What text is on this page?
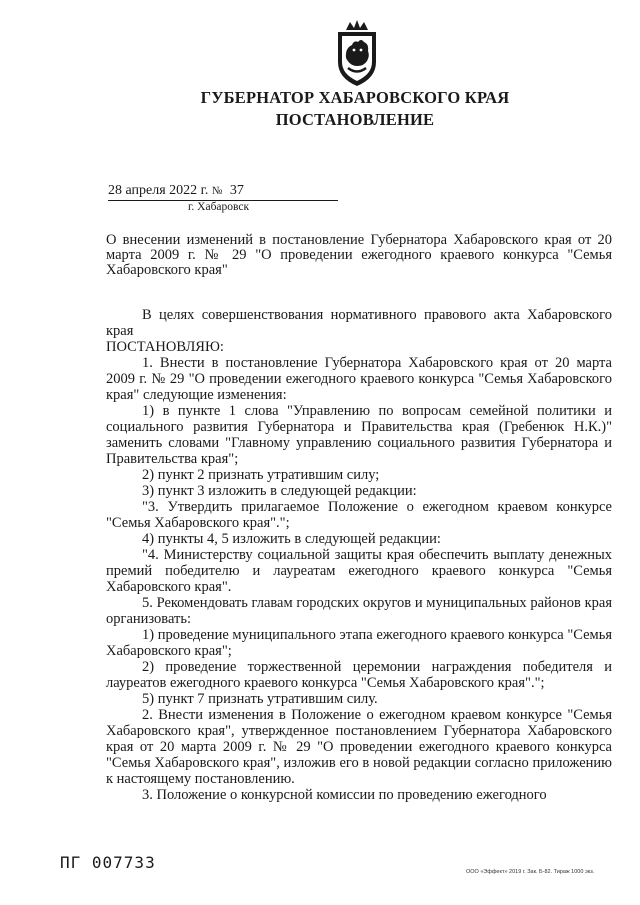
ГУБЕРНАТОР ХАБАРОВСКОГО КРАЯ
ПОСТАНОВЛЕНИЕ
28 апреля 2022 г. № 37
г. Хабаровск
О внесении изменений в постановление Губернатора Хабаровского края от 20 марта 2009 г. № 29 "О проведении ежегодного краевого конкурса "Семья Хабаровского края"

В целях совершенствования нормативного правового акта Хабаровского края

ПОСТАНОВЛЯЮ:

1. Внести в постановление Губернатора Хабаровского края от 20 марта 2009 г. № 29 "О проведении ежегодного краевого конкурса "Семья Хабаровского края" следующие изменения:

1) в пункте 1 слова "Управлению по вопросам семейной политики и социального развития Губернатора и Правительства края (Гребенюк Н.К.)" заменить словами "Главному управлению социального развития Губернатора и Правительства края";

2) пункт 2 признать утратившим силу;

3) пункт 3 изложить в следующей редакции:

"3. Утвердить прилагаемое Положение о ежегодном краевом конкурсе "Семья Хабаровского края".";

4) пункты 4, 5 изложить в следующей редакции:

"4. Министерству социальной защиты края обеспечить выплату денежных премий победителю и лауреатам ежегодного краевого конкурса "Семья Хабаровского края".

5. Рекомендовать главам городских округов и муниципальных районов края организовать:

1) проведение муниципального этапа ежегодного краевого конкурса "Семья Хабаровского края";

2) проведение торжественной церемонии награждения победителя и лауреатов ежегодного краевого конкурса "Семья Хабаровского края".";

5) пункт 7 признать утратившим силу.

2. Внести изменения в Положение о ежегодном краевом конкурсе "Семья Хабаровского края", утвержденное постановлением Губернатора Хабаровского края от 20 марта 2009 г. № 29 "О проведении ежегодного краевого конкурса "Семья Хабаровского края", изложив его в новой редакции согласно приложению к настоящему постановлению.

3. Положение о конкурсной комиссии по проведению ежегодного

ПГ 007733	ООО «Эффект» 2019 г. Зак. Б-82. Тираж 1000 экз.
